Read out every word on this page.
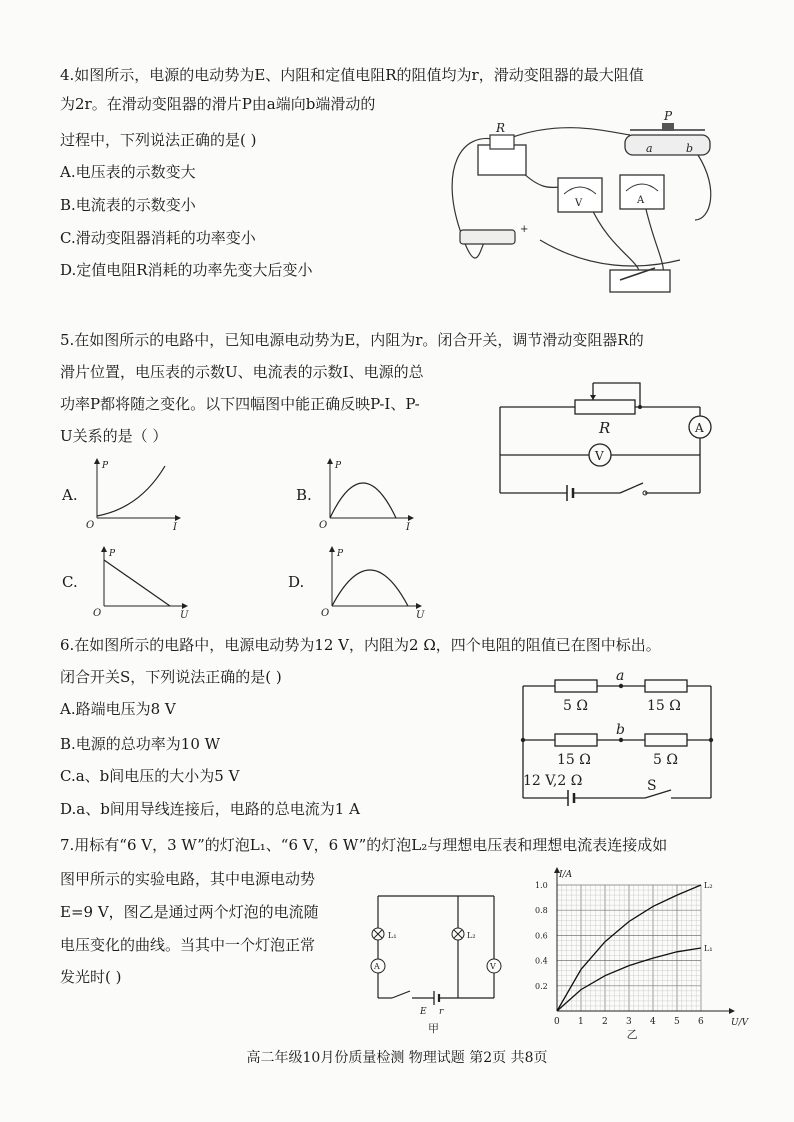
4.如图所示，电源的电动势为E、内阻和定值电阻R的阻值均为r，滑动变阻器的最大阻值
为2r。在滑动变阻器的滑片P由a端向b端滑动的
过程中，下列说法正确的是( )
A.电压表的示数变大
B.电流表的示数变小
C.滑动变阻器消耗的功率变小
D.定值电阻R消耗的功率先变大后变小
R
P
a	b
V	A
+
5.在如图所示的电路中，已知电源电动势为E，内阻为r。闭合开关，调节滑动变阻器R的
滑片位置，电压表的示数U、电流表的示数I、电源的总
功率P都将随之变化。以下四幅图中能正确反映P-I、P-
U关系的是（ ）	R	A
V
A.
P
O	I
B.
P
O	I
C.
P
O	U
D.
P
O	U
6.在如图所示的电路中，电源电动势为12 V，内阻为2 Ω，四个电阻的阻值已在图中标出。
闭合开关S，下列说法正确的是( )
A.路端电压为8 V
B.电源的总功率为10 W
C.a、b间电压的大小为5 V
D.a、b间用导线连接后，电路的总电流为1 A
a
b
5 Ω	15 Ω
15 Ω	5 Ω
12 V,2 Ω	S
7.用标有“6 V，3 W”的灯泡L₁、“6 V，6 W”的灯泡L₂与理想电压表和理想电流表连接成如
图甲所示的实验电路，其中电源电动势
E=9 V，图乙是通过两个灯泡的电流随
电压变化的曲线。当其中一个灯泡正常
发光时( )
E r
L₁
A
L₂
V
甲	0 1 2 3 4 5 6
0.2
0.4
0.6
0.8
1.0
U/V
I/A
乙
L₂
L₁
高二年级10月份质量检测 物理试题 第2页 共8页
